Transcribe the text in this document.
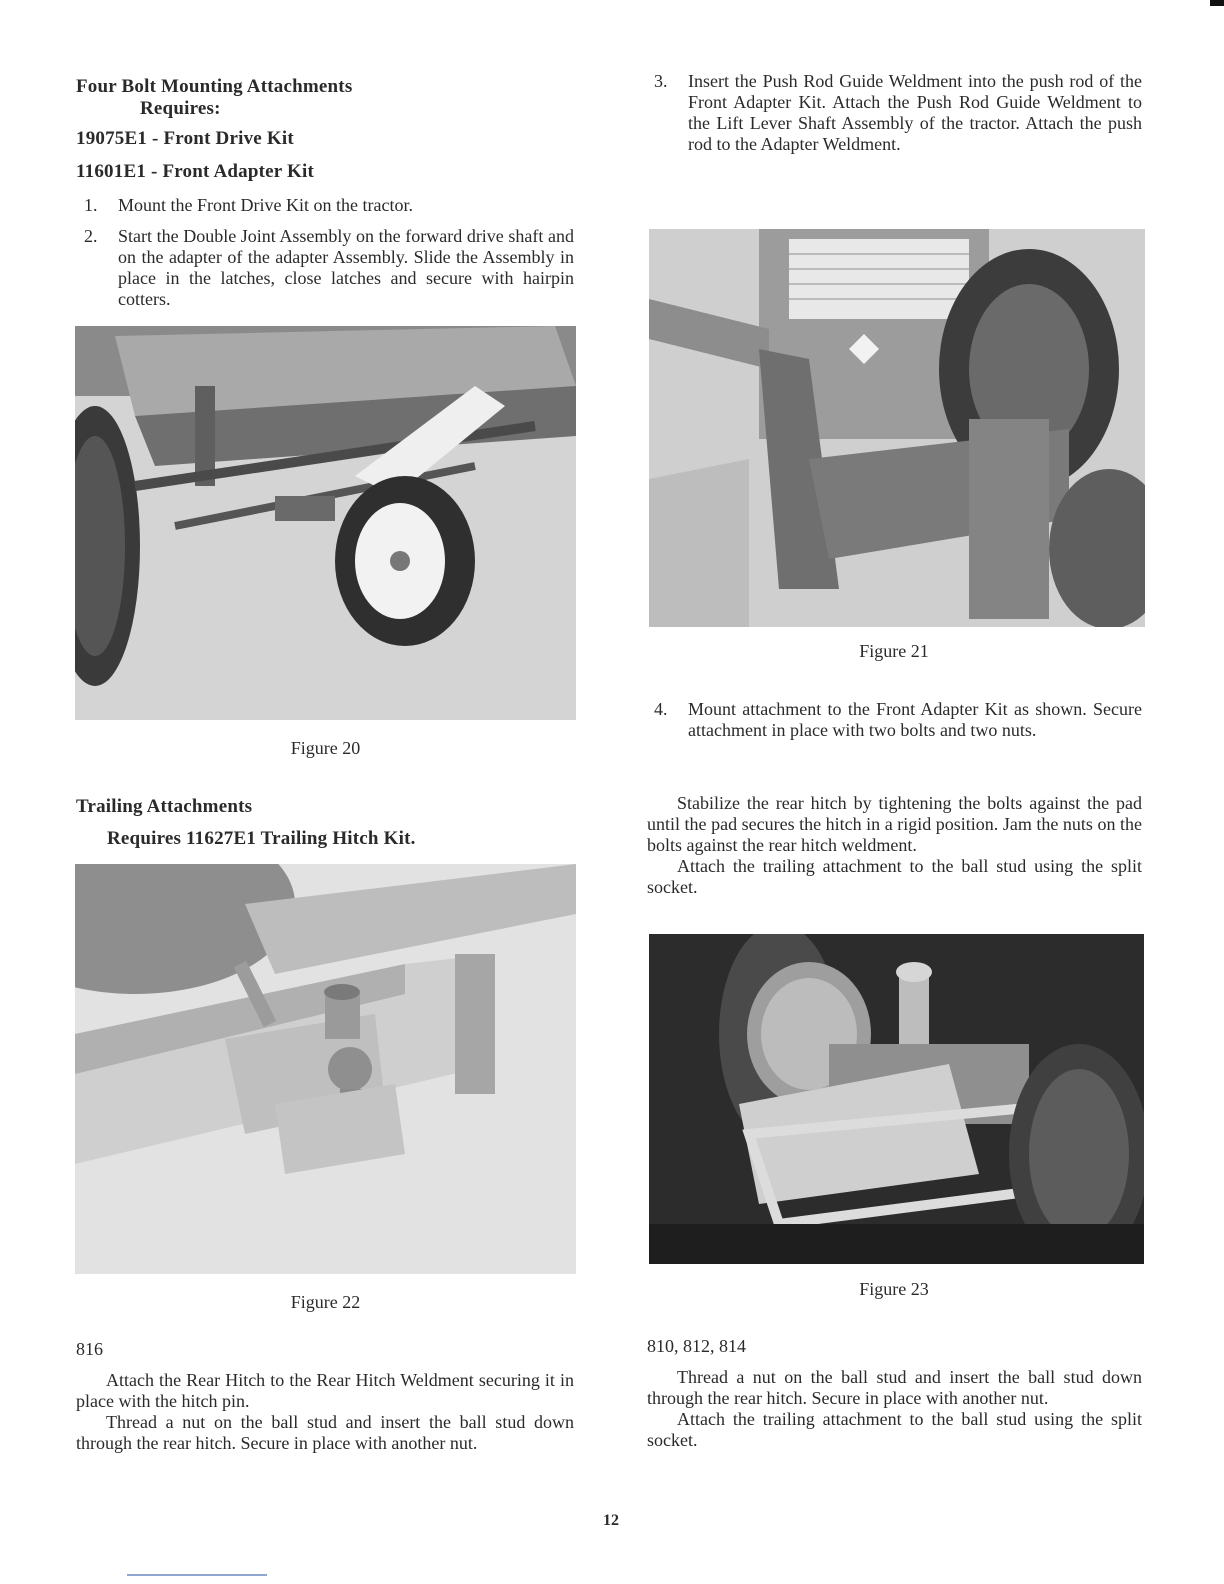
Four Bolt Mounting Attachments
Requires:
19075E1 - Front Drive Kit
11601E1 - Front Adapter Kit
1. Mount the Front Drive Kit on the tractor.
2. Start the Double Joint Assembly on the forward drive shaft and on the adapter of the adapter Assembly. Slide the Assembly in place in the latches, close latches and secure with hairpin cotters.
Figure 20
Trailing Attachments
Requires 11627E1 Trailing Hitch Kit.
Figure 22
816

Attach the Rear Hitch to the Rear Hitch Weldment securing it in place with the hitch pin.

Thread a nut on the ball stud and insert the ball stud down through the rear hitch. Secure in place with another nut.

3. Insert the Push Rod Guide Weldment into the push rod of the Front Adapter Kit. Attach the Push Rod Guide Weldment to the Lift Lever Shaft Assembly of the tractor. Attach the push rod to the Adapter Weldment.
Figure 21
4. Mount attachment to the Front Adapter Kit as shown. Secure attachment in place with two bolts and two nuts.

Stabilize the rear hitch by tightening the bolts against the pad until the pad secures the hitch in a rigid position. Jam the nuts on the bolts against the rear hitch weldment.

Attach the trailing attachment to the ball stud using the split socket.

Figure 23
810, 812, 814

Thread a nut on the ball stud and insert the ball stud down through the rear hitch. Secure in place with another nut.

Attach the trailing attachment to the ball stud using the split socket.

12
